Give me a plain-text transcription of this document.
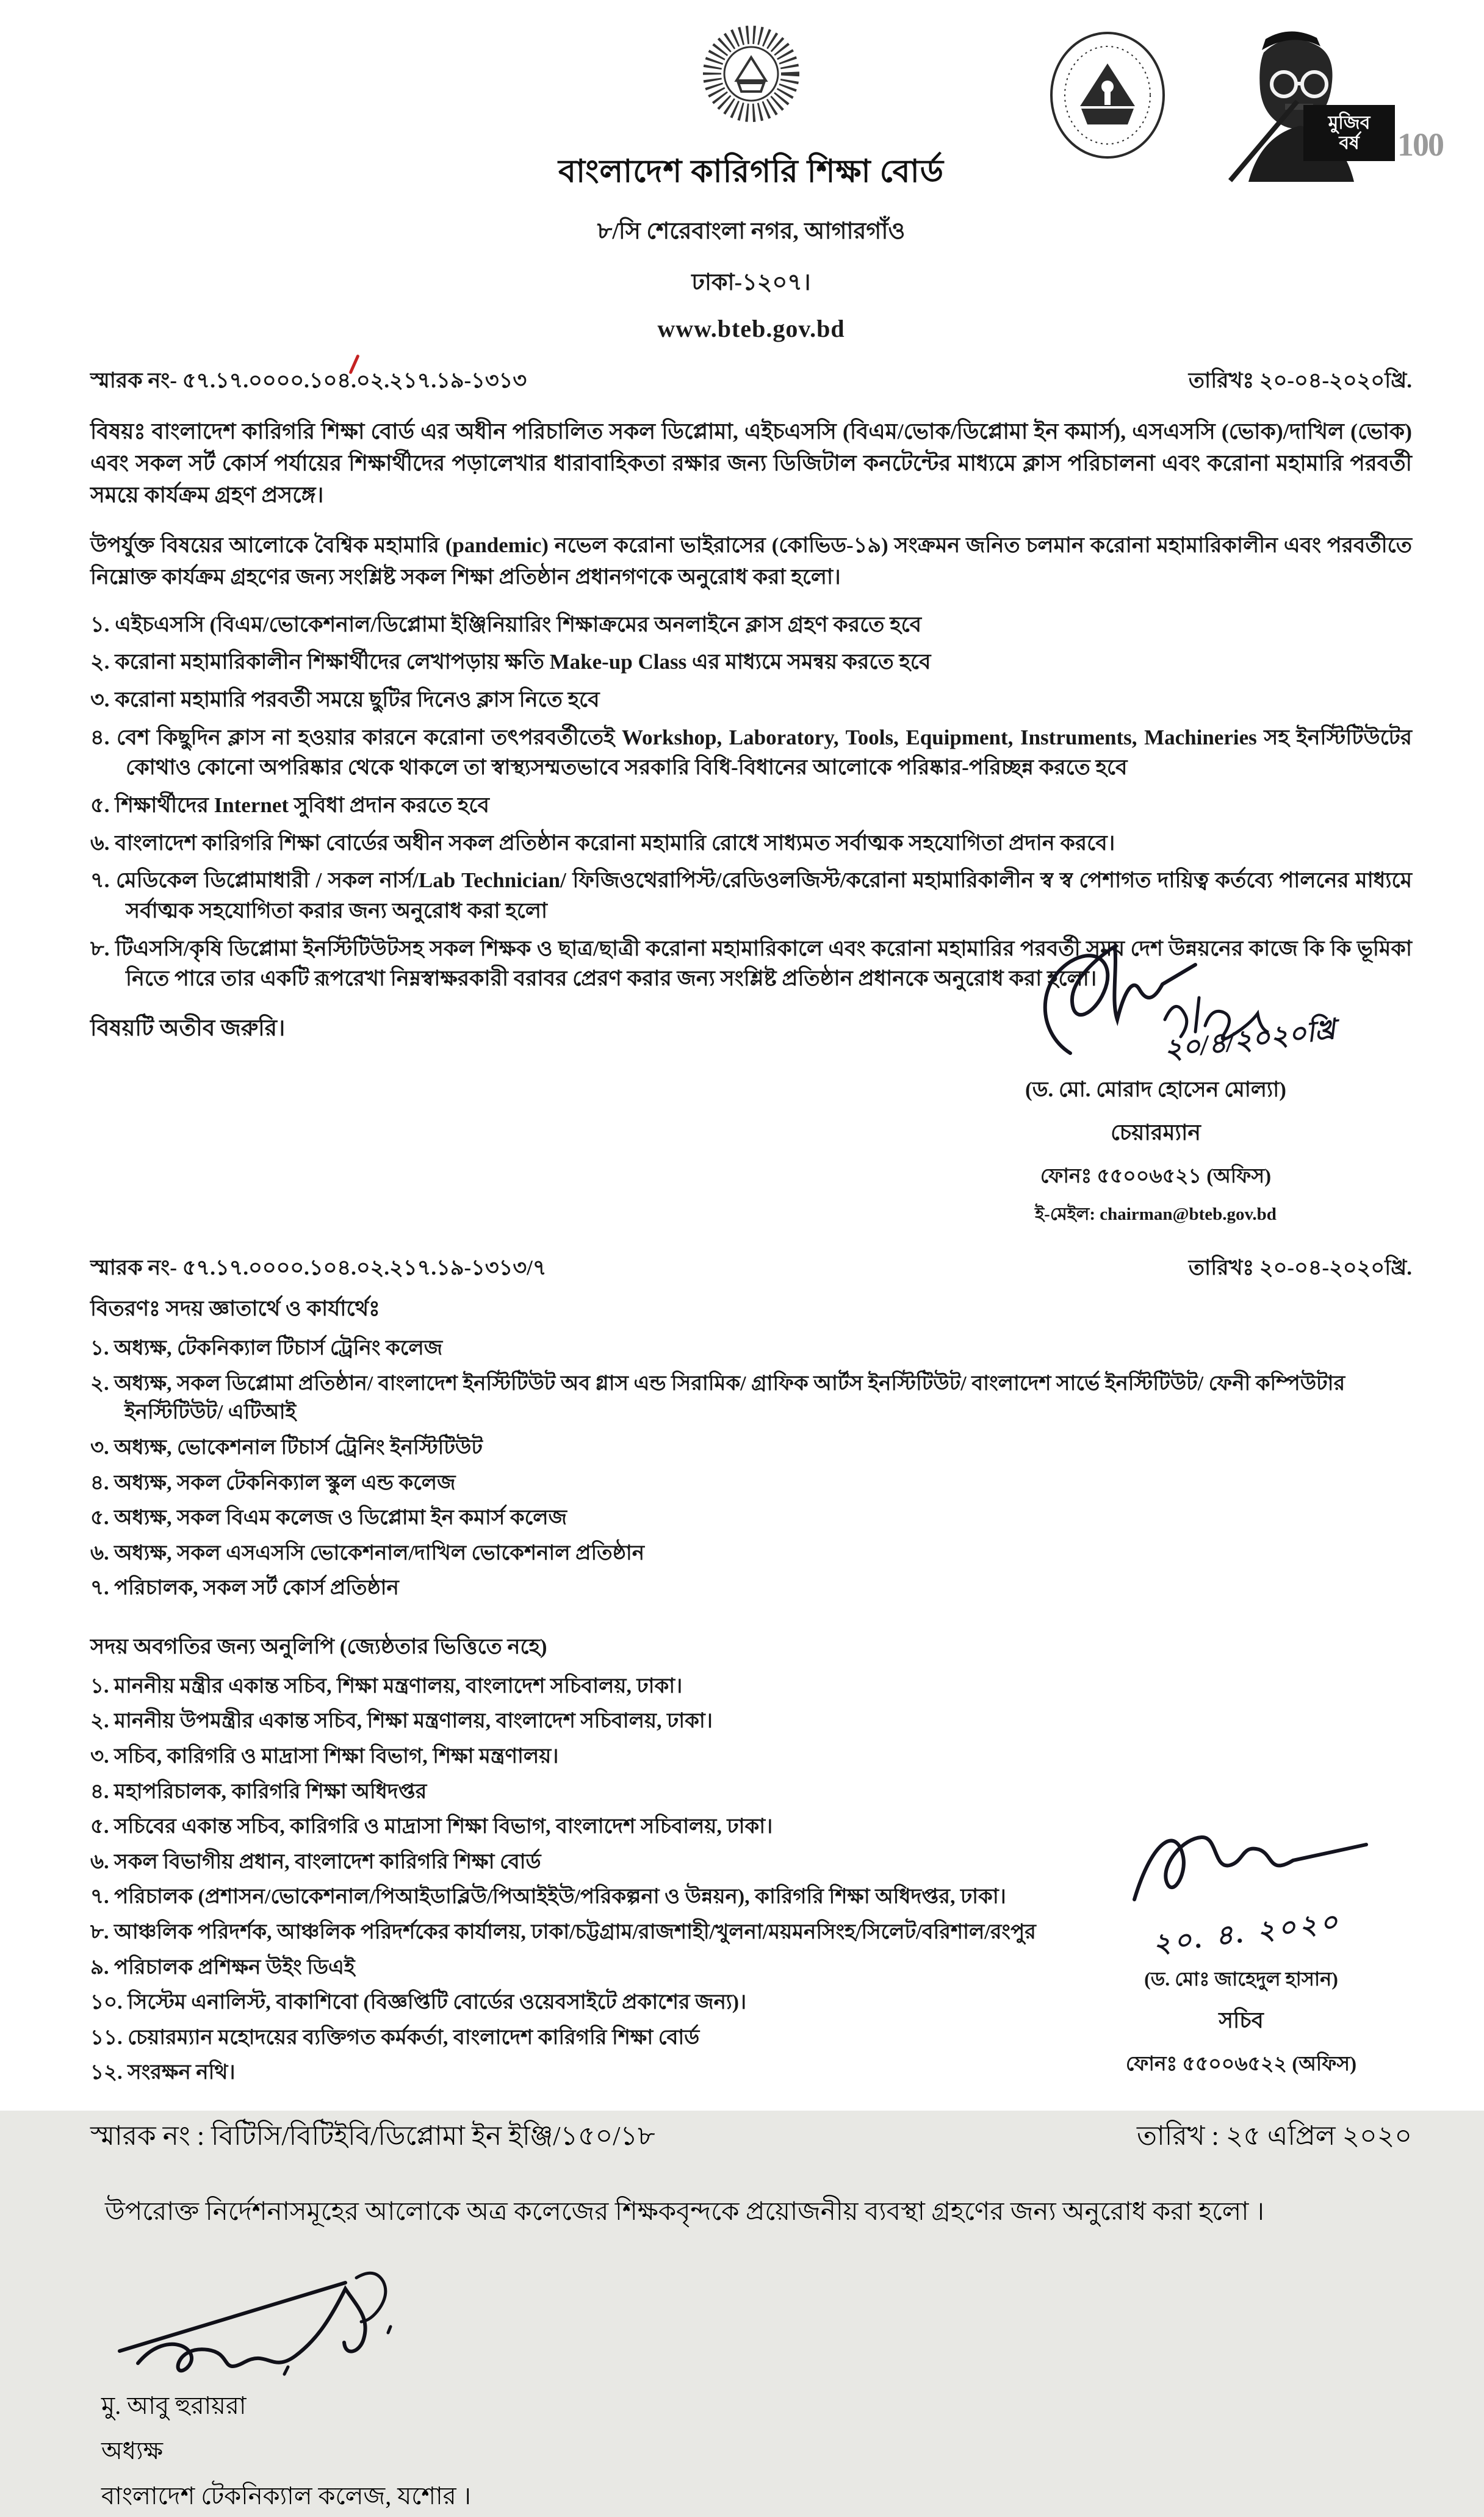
মুজিব
বর্ষ 100
বাংলাদেশ কারিগরি শিক্ষা বোর্ড
৮/সি শেরেবাংলা নগর, আগারগাঁও
ঢাকা-১২০৭।
www.bteb.gov.bd
স্মারক নং- ৫৭.১৭.০০০০.১০৪.০২.২১৭.১৯-১৩১৩	তারিখঃ ২০-০৪-২০২০খ্রি.

বিষয়ঃ বাংলাদেশ কারিগরি শিক্ষা বোর্ড এর অধীন পরিচালিত সকল ডিপ্লোমা, এইচএসসি (বিএম/ভোক/ডিপ্লোমা ইন কমার্স), এসএসসি (ভোক)/দাখিল (ভোক) এবং সকল সর্ট কোর্স পর্যায়ের শিক্ষার্থীদের পড়ালেখার ধারাবাহিকতা রক্ষার জন্য ডিজিটাল কনটেন্টের মাধ্যমে ক্লাস পরিচালনা এবং করোনা মহামারি পরবর্তী সময়ে কার্যক্রম গ্রহণ প্রসঙ্গে।

উপর্যুক্ত বিষয়ের আলোকে বৈশ্বিক মহামারি (pandemic) নভেল করোনা ভাইরাসের (কোভিড-১৯) সংক্রমন জনিত চলমান করোনা মহামারিকালীন এবং পরবর্তীতে নিম্নোক্ত কার্যক্রম গ্রহণের জন্য সংশ্লিষ্ট সকল শিক্ষা প্রতিষ্ঠান প্রধানগণকে অনুরোধ করা হলো।

১. এইচএসসি (বিএম/ভোকেশনাল/ডিপ্লোমা ইঞ্জিনিয়ারিং শিক্ষাক্রমের অনলাইনে ক্লাস গ্রহণ করতে হবে
২. করোনা মহামারিকালীন শিক্ষার্থীদের লেখাপড়ায় ক্ষতি Make-up Class এর মাধ্যমে সমন্বয় করতে হবে
৩. করোনা মহামারি পরবর্তী সময়ে ছুটির দিনেও ক্লাস নিতে হবে
৪. বেশ কিছুদিন ক্লাস না হওয়ার কারনে করোনা তৎপরবর্তীতেই Workshop, Laboratory, Tools, Equipment, Instruments, Machineries সহ ইনস্টিটিউটের কোথাও কোনো অপরিষ্কার থেকে থাকলে তা স্বাস্থ্যসম্মতভাবে সরকারি বিধি-বিধানের আলোকে পরিষ্কার-পরিচ্ছন্ন করতে হবে
৫. শিক্ষার্থীদের Internet সুবিধা প্রদান করতে হবে
৬. বাংলাদেশ কারিগরি শিক্ষা বোর্ডের অধীন সকল প্রতিষ্ঠান করোনা মহামারি রোধে সাধ্যমত সর্বাত্মক সহযোগিতা প্রদান করবে।
৭. মেডিকেল ডিপ্লোমাধারী / সকল নার্স/Lab Technician/ ফিজিওথেরাপিস্ট/রেডিওলজিস্ট/করোনা মহামারিকালীন স্ব স্ব পেশাগত দায়িত্ব কর্তব্যে পালনের মাধ্যমে সর্বাত্মক সহযোগিতা করার জন্য অনুরোধ করা হলো
৮. টিএসসি/কৃষি ডিপ্লোমা ইনস্টিটিউটসহ সকল শিক্ষক ও ছাত্র/ছাত্রী করোনা মহামারিকালে এবং করোনা মহামারির পরবর্তী সময় দেশ উন্নয়নের কাজে কি কি ভূমিকা নিতে পারে তার একটি রূপরেখা নিম্নস্বাক্ষরকারী বরাবর প্রেরণ করার জন্য সংশ্লিষ্ট প্রতিষ্ঠান প্রধানকে অনুরোধ করা হলো।
বিষয়টি অতীব জরুরি।	২০/৪/২০২০খ্রি
(ড. মো. মোরাদ হোসেন মোল্যা)
চেয়ারম্যান
ফোনঃ ৫৫০০৬৫২১ (অফিস)
ই-মেইল: chairman@bteb.gov.bd
স্মারক নং- ৫৭.১৭.০০০০.১০৪.০২.২১৭.১৯-১৩১৩/৭	তারিখঃ ২০-০৪-২০২০খ্রি.
বিতরণঃ সদয় জ্ঞাতার্থে ও কার্যার্থেঃ
১. অধ্যক্ষ, টেকনিক্যাল টিচার্স ট্রেনিং কলেজ
২. অধ্যক্ষ, সকল ডিপ্লোমা প্রতিষ্ঠান/ বাংলাদেশ ইনস্টিটিউট অব গ্লাস এন্ড সিরামিক/ গ্রাফিক আর্টস ইনস্টিটিউট/ বাংলাদেশ সার্ভে ইনস্টিটিউট/ ফেনী কম্পিউটার ইনস্টিটিউট/ এটিআই
৩. অধ্যক্ষ, ভোকেশনাল টিচার্স ট্রেনিং ইনস্টিটিউট
৪. অধ্যক্ষ, সকল টেকনিক্যাল স্কুল এন্ড কলেজ
৫. অধ্যক্ষ, সকল বিএম কলেজ ও ডিপ্লোমা ইন কমার্স কলেজ
৬. অধ্যক্ষ, সকল এসএসসি ভোকেশনাল/দাখিল ভোকেশনাল প্রতিষ্ঠান
৭. পরিচালক, সকল সর্ট কোর্স প্রতিষ্ঠান
সদয় অবগতির জন্য অনুলিপি (জ্যেষ্ঠতার ভিত্তিতে নহে)
১. মাননীয় মন্ত্রীর একান্ত সচিব, শিক্ষা মন্ত্রণালয়, বাংলাদেশ সচিবালয়, ঢাকা।
২. মাননীয় উপমন্ত্রীর একান্ত সচিব, শিক্ষা মন্ত্রণালয়, বাংলাদেশ সচিবালয়, ঢাকা।
৩. সচিব, কারিগরি ও মাদ্রাসা শিক্ষা বিভাগ, শিক্ষা মন্ত্রণালয়।
৪. মহাপরিচালক, কারিগরি শিক্ষা অধিদপ্তর
৫. সচিবের একান্ত সচিব, কারিগরি ও মাদ্রাসা শিক্ষা বিভাগ, বাংলাদেশ সচিবালয়, ঢাকা।
৬. সকল বিভাগীয় প্রধান, বাংলাদেশ কারিগরি শিক্ষা বোর্ড
৭. পরিচালক (প্রশাসন/ভোকেশনাল/পিআইডাব্লিউ/পিআইইউ/পরিকল্পনা ও উন্নয়ন), কারিগরি শিক্ষা অধিদপ্তর, ঢাকা।
৮. আঞ্চলিক পরিদর্শক, আঞ্চলিক পরিদর্শকের কার্যালয়, ঢাকা/চট্টগ্রাম/রাজশাহী/খুলনা/ময়মনসিংহ/সিলেট/বরিশাল/রংপুর
৯. পরিচালক প্রশিক্ষন উইং ডিএই
১০. সিস্টেম এনালিস্ট, বাকাশিবো (বিজ্ঞপ্তিটি বোর্ডের ওয়েবসাইটে প্রকাশের জন্য)।
১১. চেয়ারম্যান মহোদয়ের ব্যক্তিগত কর্মকর্তা, বাংলাদেশ কারিগরি শিক্ষা বোর্ড
১২. সংরক্ষন নথি।
২০. ৪. ২০২০
(ড. মোঃ জাহেদুল হাসান)
সচিব
ফোনঃ ৫৫০০৬৫২২ (অফিস)
স্মারক নং : বিটিসি/বিটিইবি/ডিপ্লোমা ইন ইঞ্জি/১৫০/১৮	তারিখ : ২৫ এপ্রিল ২০২০

উপরোক্ত নির্দেশনাসমূহের আলোকে অত্র কলেজের শিক্ষকবৃন্দকে প্রয়োজনীয় ব্যবস্থা গ্রহণের জন্য অনুরোধ করা হলো ।

মু. আবু হুরায়রা
অধ্যক্ষ
বাংলাদেশ টেকনিক্যাল কলেজ, যশোর ।
